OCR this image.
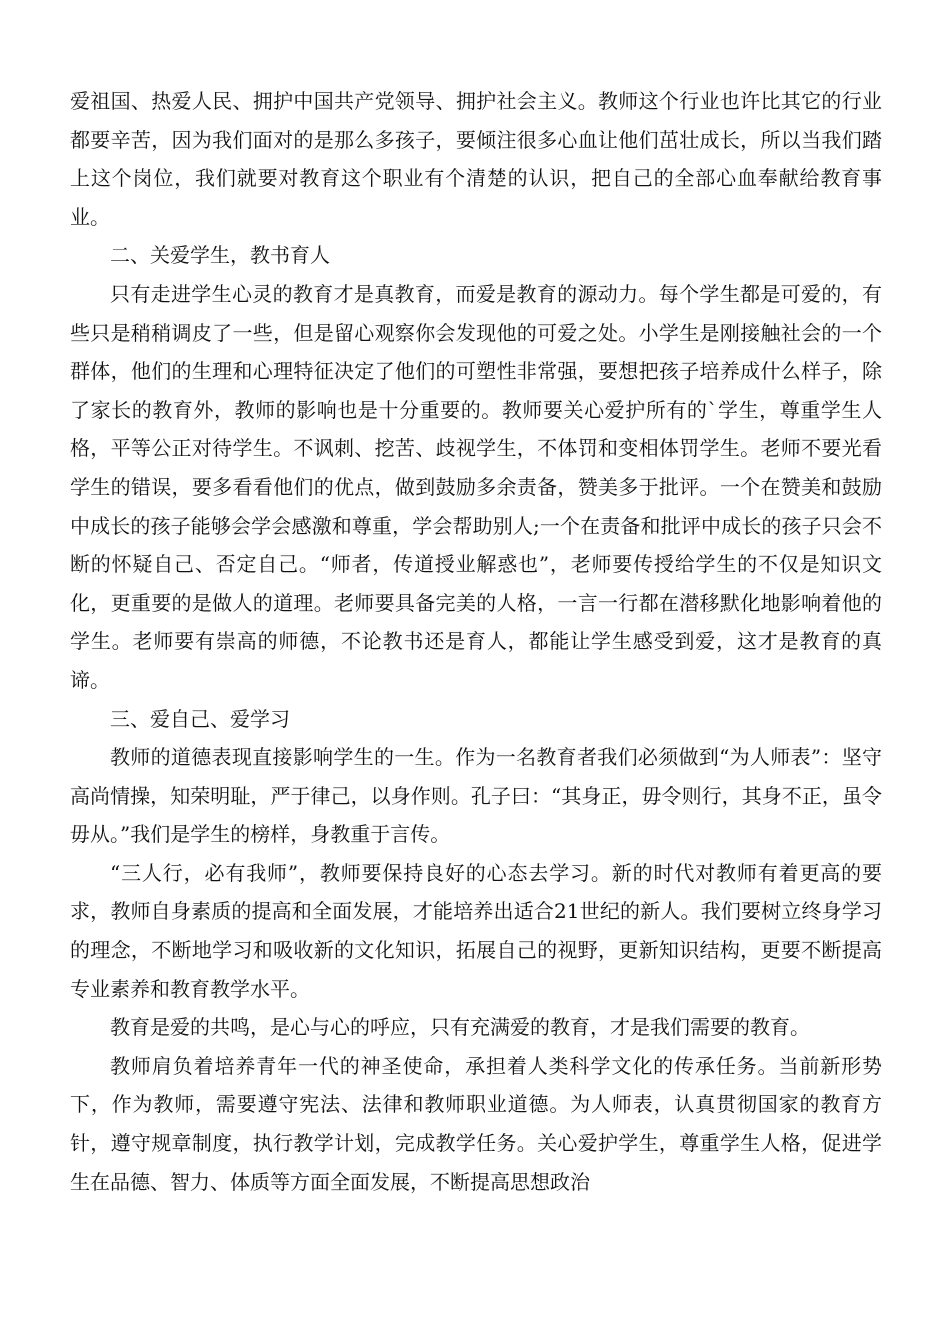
爱祖国、热爱人民、拥护中国共产党领导、拥护社会主义。教师这个行业也许比其它的行业都要辛苦，因为我们面对的是那么多孩子，要倾注很多心血让他们茁壮成长，所以当我们踏上这个岗位，我们就要对教育这个职业有个清楚的认识，把自己的全部心血奉献给教育事业。

二、关爱学生，教书育人

只有走进学生心灵的教育才是真教育，而爱是教育的源动力。每个学生都是可爱的，有些只是稍稍调皮了一些，但是留心观察你会发现他的可爱之处。小学生是刚接触社会的一个群体，他们的生理和心理特征决定了他们的可塑性非常强，要想把孩子培养成什么样子，除了家长的教育外，教师的影响也是十分重要的。教师要关心爱护所有的`学生，尊重学生人格，平等公正对待学生。不讽刺、挖苦、歧视学生，不体罚和变相体罚学生。老师不要光看学生的错误，要多看看他们的优点，做到鼓励多余责备，赞美多于批评。一个在赞美和鼓励中成长的孩子能够会学会感激和尊重，学会帮助别人;一个在责备和批评中成长的孩子只会不断的怀疑自己、否定自己。“师者，传道授业解惑也”，老师要传授给学生的不仅是知识文化，更重要的是做人的道理。老师要具备完美的人格，一言一行都在潜移默化地影响着他的学生。老师要有崇高的师德，不论教书还是育人，都能让学生感受到爱，这才是教育的真谛。

三、爱自己、爱学习

教师的道德表现直接影响学生的一生。作为一名教育者我们必须做到“为人师表”：坚守高尚情操，知荣明耻，严于律己，以身作则。孔子曰：“其身正，毋令则行，其身不正，虽令毋从。”我们是学生的榜样，身教重于言传。

“三人行，必有我师”，教师要保持良好的心态去学习。新的时代对教师有着更高的要求，教师自身素质的提高和全面发展，才能培养出适合21世纪的新人。我们要树立终身学习的理念，不断地学习和吸收新的文化知识，拓展自己的视野，更新知识结构，更要不断提高专业素养和教育教学水平。

教育是爱的共鸣，是心与心的呼应，只有充满爱的教育，才是我们需要的教育。

教师肩负着培养青年一代的神圣使命，承担着人类科学文化的传承任务。当前新形势下，作为教师，需要遵守宪法、法律和教师职业道德。为人师表，认真贯彻国家的教育方针，遵守规章制度，执行教学计划，完成教学任务。关心爱护学生，尊重学生人格，促进学生在品德、智力、体质等方面全面发展，不断提高思想政治
